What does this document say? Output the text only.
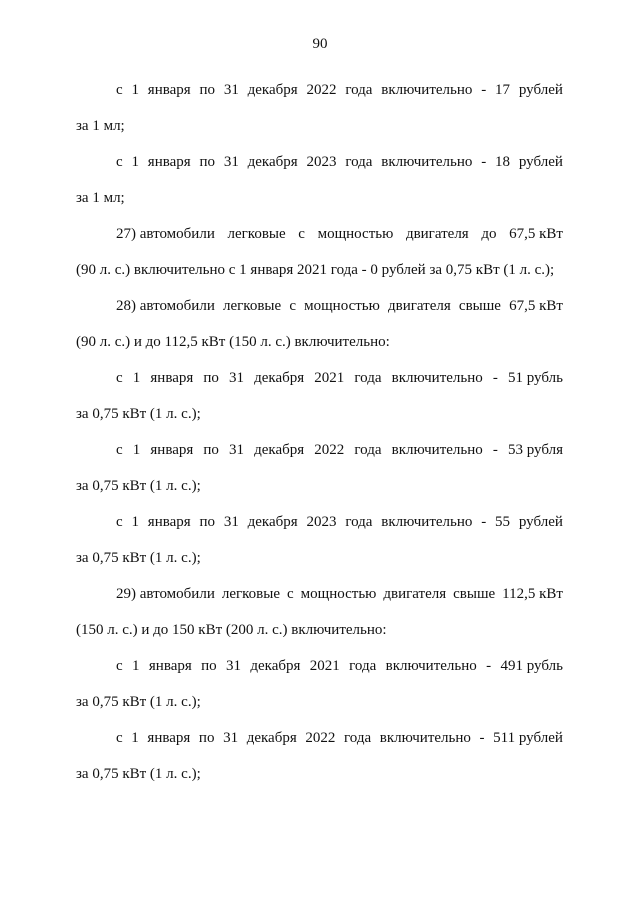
90
с 1 января по 31 декабря 2022 года включительно - 17 рублей
за 1 мл;
с 1 января по 31 декабря 2023 года включительно - 18 рублей
за 1 мл;
27) автомобили легковые с мощностью двигателя до 67,5 кВт
(90 л. с.) включительно с 1 января 2021 года - 0 рублей за 0,75 кВт (1 л. с.);
28) автомобили легковые с мощностью двигателя свыше 67,5 кВт
(90 л. с.) и до 112,5 кВт (150 л. с.) включительно:
с 1 января по 31 декабря 2021 года включительно - 51 рубль
за 0,75 кВт (1 л. с.);
с 1 января по 31 декабря 2022 года включительно - 53 рубля
за 0,75 кВт (1 л. с.);
с 1 января по 31 декабря 2023 года включительно - 55 рублей
за 0,75 кВт (1 л. с.);
29) автомобили легковые с мощностью двигателя свыше 112,5 кВт
(150 л. с.) и до 150 кВт (200 л. с.) включительно:
с 1 января по 31 декабря 2021 года включительно - 491 рубль
за 0,75 кВт (1 л. с.);
с 1 января по 31 декабря 2022 года включительно - 511 рублей
за 0,75 кВт (1 л. с.);
